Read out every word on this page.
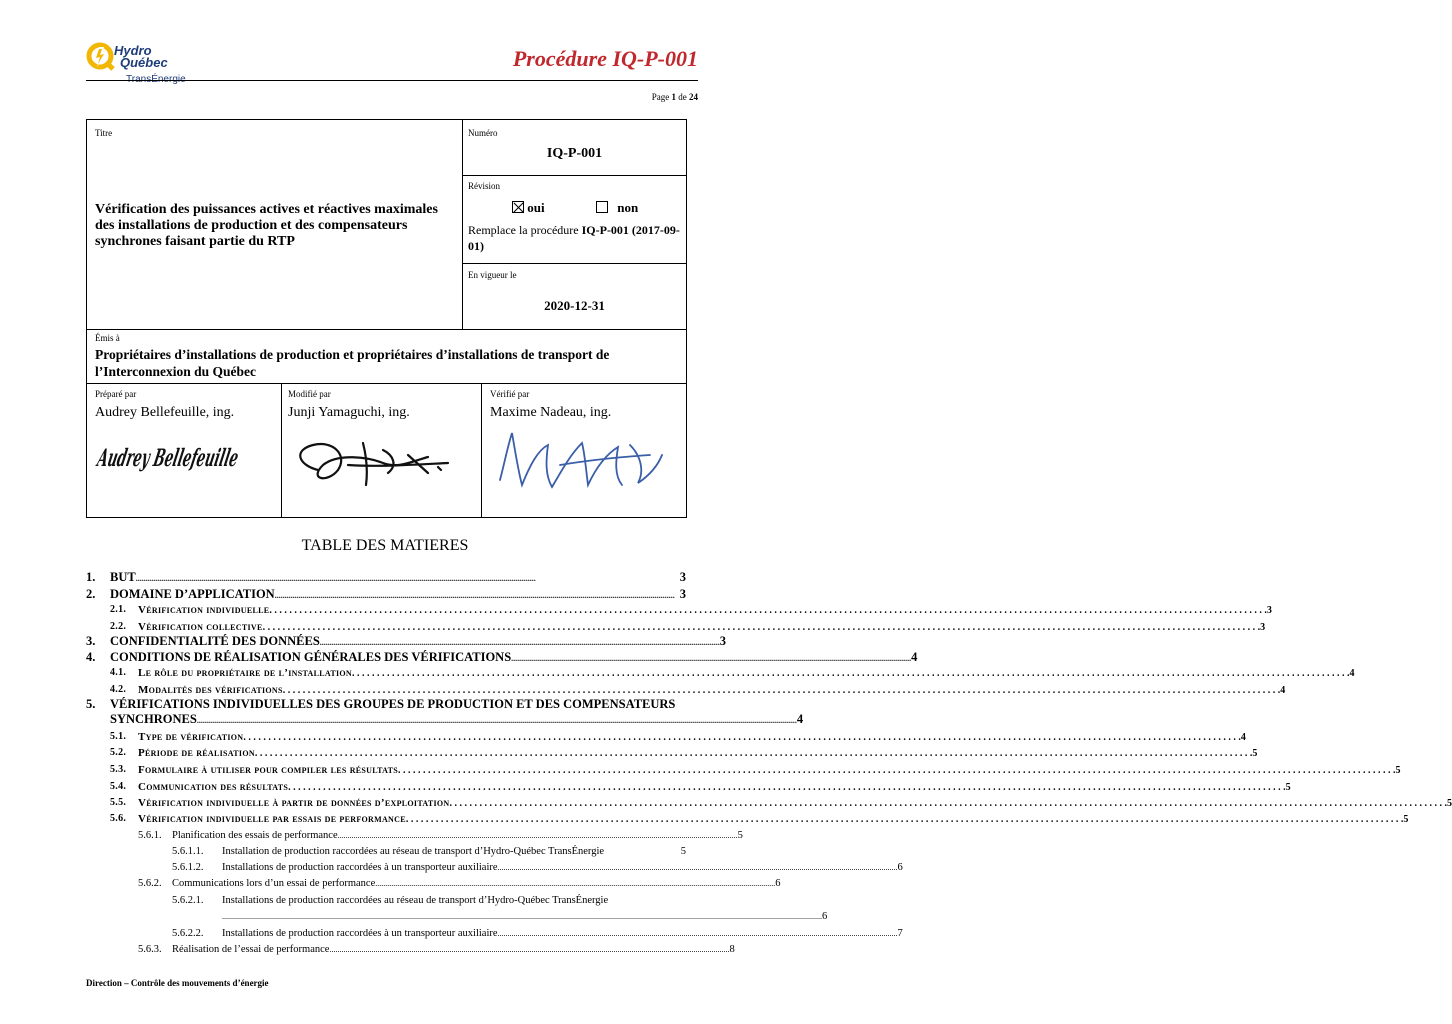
Hydro
Québec
TransÉnergie
Procédure IQ-P-001
Page 1 de 24
Titre
Vérification des puissances actives et réactives maximales des installations de production et des compensateurs synchrones faisant partie du RTP
Numéro
IQ-P-001
Révision
oui	non
Remplace la procédure IQ-P-001 (2017-09-01)
En vigueur le
2020-12-31
Émis à
Propriétaires d’installations de production et propriétaires d’installations de transport de l’Interconnexion du Québec
Préparé par
Audrey Bellefeuille, ing.
Modifié par
Junji Yamaguchi, ing.
Vérifié par
Maxime Nadeau, ing.
Audrey Bellefeuille
TABLE DES MATIERES
1. BUT ........................................................................................................................................................................................................	3
2. DOMAINE D’APPLICATION ........................................................................................................................................................................................................ 3
2.1. Vérification individuelle . . . . . . . . . . . . . . . . . . . . . . . . . . . . . . . . . . . . . . . . . . . . . . . . . . . . . . . . . . . . . . . . . . . . . . . . . . . . . . . . . . . . . . . . . . . . . . . . . . . . . . . . . . . . . . . . . . . . . . . . . . . . . . . . . . . . . . . . . . . . . . . . . . . . . . . . . . . . . . . . . . . . . . . . . . . . . . . . . . . . . . . . . . . . . . . . . . . . . . . . 3
2.2. Vérification collective . . . . . . . . . . . . . . . . . . . . . . . . . . . . . . . . . . . . . . . . . . . . . . . . . . . . . . . . . . . . . . . . . . . . . . . . . . . . . . . . . . . . . . . . . . . . . . . . . . . . . . . . . . . . . . . . . . . . . . . . . . . . . . . . . . . . . . . . . . . . . . . . . . . . . . . . . . . . . . . . . . . . . . . . . . . . . . . . . . . . . . . . . . . . . . . . . . . . . . . . 3
3. CONFIDENTIALITÉ DES DONNÉES ........................................................................................................................................................................................................ 3
4. CONDITIONS DE RÉALISATION GÉNÉRALES DES VÉRIFICATIONS ........................................................................................................................................................................................................ 4
4.1. Le rôle du propriétaire de l’installation . . . . . . . . . . . . . . . . . . . . . . . . . . . . . . . . . . . . . . . . . . . . . . . . . . . . . . . . . . . . . . . . . . . . . . . . . . . . . . . . . . . . . . . . . . . . . . . . . . . . . . . . . . . . . . . . . . . . . . . . . . . . . . . . . . . . . . . . . . . . . . . . . . . . . . . . . . . . . . . . . . . . . . . . . . . . . . . . . . . . . . . . . . . . . . . . . . . . . . . . 4
4.2. Modalités des vérifications . . . . . . . . . . . . . . . . . . . . . . . . . . . . . . . . . . . . . . . . . . . . . . . . . . . . . . . . . . . . . . . . . . . . . . . . . . . . . . . . . . . . . . . . . . . . . . . . . . . . . . . . . . . . . . . . . . . . . . . . . . . . . . . . . . . . . . . . . . . . . . . . . . . . . . . . . . . . . . . . . . . . . . . . . . . . . . . . . . . . . . . . . . . . . . . . . . . . . . . . 4
5. VÉRIFICATIONS INDIVIDUELLES DES GROUPES DE PRODUCTION ET DES COMPENSATEURS
SYNCHRONES ............................................................................................................................................................................................................................................................................................................ 4
5.1. Type de vérification . . . . . . . . . . . . . . . . . . . . . . . . . . . . . . . . . . . . . . . . . . . . . . . . . . . . . . . . . . . . . . . . . . . . . . . . . . . . . . . . . . . . . . . . . . . . . . . . . . . . . . . . . . . . . . . . . . . . . . . . . . . . . . . . . . . . . . . . . . . . . . . . . . . . . . . . . . . . . . . . . . . . . . . . . . . . . . . . . . . . . . . . . . . . . . . . . . . . . . . . 4
5.2. Période de réalisation . . . . . . . . . . . . . . . . . . . . . . . . . . . . . . . . . . . . . . . . . . . . . . . . . . . . . . . . . . . . . . . . . . . . . . . . . . . . . . . . . . . . . . . . . . . . . . . . . . . . . . . . . . . . . . . . . . . . . . . . . . . . . . . . . . . . . . . . . . . . . . . . . . . . . . . . . . . . . . . . . . . . . . . . . . . . . . . . . . . . . . . . . . . . . . . . . . . . . . . . 5
5.3. Formulaire à utiliser pour compiler les résultats . . . . . . . . . . . . . . . . . . . . . . . . . . . . . . . . . . . . . . . . . . . . . . . . . . . . . . . . . . . . . . . . . . . . . . . . . . . . . . . . . . . . . . . . . . . . . . . . . . . . . . . . . . . . . . . . . . . . . . . . . . . . . . . . . . . . . . . . . . . . . . . . . . . . . . . . . . . . . . . . . . . . . . . . . . . . . . . . . . . . . . . . . . . . . . . . . . . . . . . . 5
5.4. Communication des résultats . . . . . . . . . . . . . . . . . . . . . . . . . . . . . . . . . . . . . . . . . . . . . . . . . . . . . . . . . . . . . . . . . . . . . . . . . . . . . . . . . . . . . . . . . . . . . . . . . . . . . . . . . . . . . . . . . . . . . . . . . . . . . . . . . . . . . . . . . . . . . . . . . . . . . . . . . . . . . . . . . . . . . . . . . . . . . . . . . . . . . . . . . . . . . . . . . . . . . . . . 5
5.5. Vérification individuelle à partir de données d’exploitation . . . . . . . . . . . . . . . . . . . . . . . . . . . . . . . . . . . . . . . . . . . . . . . . . . . . . . . . . . . . . . . . . . . . . . . . . . . . . . . . . . . . . . . . . . . . . . . . . . . . . . . . . . . . . . . . . . . . . . . . . . . . . . . . . . . . . . . . . . . . . . . . . . . . . . . . . . . . . . . . . . . . . . . . . . . . . . . . . . . . . . . . . . . . . . . . . . . . . . . . 5
5.6. Vérification individuelle par essais de performance . . . . . . . . . . . . . . . . . . . . . . . . . . . . . . . . . . . . . . . . . . . . . . . . . . . . . . . . . . . . . . . . . . . . . . . . . . . . . . . . . . . . . . . . . . . . . . . . . . . . . . . . . . . . . . . . . . . . . . . . . . . . . . . . . . . . . . . . . . . . . . . . . . . . . . . . . . . . . . . . . . . . . . . . . . . . . . . . . . . . . . . . . . . . . . . . . . . . . . . . 5
5.6.1. Planification des essais de performance ........................................................................................................................................................................................................ 5
5.6.1.1. Installation de production raccordées au réseau de transport d’Hydro-Québec TransÉnergie	5
5.6.1.2. Installations de production raccordées à un transporteur auxiliaire ........................................................................................................................................................................................................ 6
5.6.2. Communications lors d’un essai de performance ........................................................................................................................................................................................................ 6
5.6.2.1. Installations de production raccordées au réseau de transport d’Hydro-Québec TransÉnergie
............................................................................................................................................................................................................................................................................................................ 6
5.6.2.2. Installations de production raccordées à un transporteur auxiliaire ........................................................................................................................................................................................................ 7
5.6.3. Réalisation de l’essai de performance ........................................................................................................................................................................................................ 8
Direction – Contrôle des mouvements d’énergie
